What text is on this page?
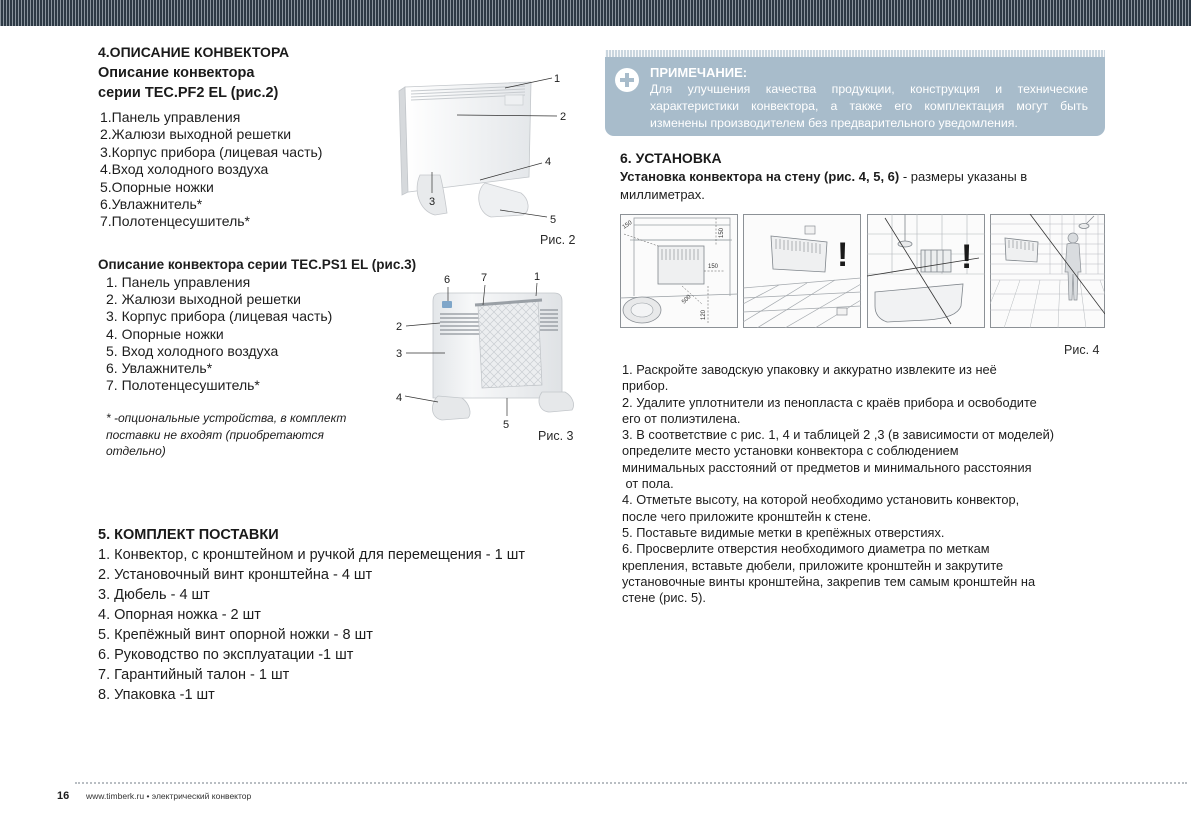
4.ОПИСАНИЕ КОНВЕКТОРА
Описание конвектора
серии TEC.PF2 EL (рис.2)
1.Панель управления
2.Жалюзи выходной решетки
3.Корпус прибора (лицевая часть)
4.Вход холодного воздуха
5.Опорные ножки
6.Увлажнитель*
7.Полотенцесушитель*
1
2
3
4
5
Рис. 2
Описание конвектора серии TEC.PS1 EL (рис.3)
1. Панель управления
2. Жалюзи выходной решетки
3. Корпус прибора (лицевая часть)
4. Опорные ножки
5. Вход холодного воздуха
6. Увлажнитель*
7. Полотенцесушитель*
* -опциональные устройства, в комплект
поставки не входят (приобретаются
отдельно)
6	7	1
2
3
4
5
Рис. 3
5. КОМПЛЕКТ ПОСТАВКИ
1. Конвектор, с кронштейном и ручкой для перемещения - 1 шт
2. Установочный винт кронштейна - 4 шт
3. Дюбель - 4 шт
4. Опорная ножка - 2 шт
5. Крепёжный винт опорной ножки - 8 шт
6. Руководство по эксплуатации -1 шт
7. Гарантийный талон - 1 шт
8. Упаковка -1 шт
ПРИМЕЧАНИЕ:
Для улучшения качества продукции, конструкция и технические
характеристики конвектора, а также его комплектация могут быть
изменены производителем без предварительного уведомления.
6. УСТАНОВКА
Установка конвектора на стену (рис. 4, 5, 6) - размеры указаны в
миллиметрах.
150
150
150
500
120
!	!
Рис. 4
1. Раскройте заводскую упаковку и аккуратно извлеките из неё
прибор.
2. Удалите уплотнители из пенопласта с краёв прибора и освободите
его от полиэтилена.
3. В соответствие с рис. 1, 4 и таблицей 2 ,3 (в зависимости от моделей)
определите место установки конвектора с соблюдением
минимальных расстояний от предметов и минимального расстояния
от пола.
4. Отметьте высоту, на которой необходимо установить конвектор,
после чего приложите кронштейн к стене.
5. Поставьте видимые метки в крепёжных отверстиях.
6. Просверлите отверстия необходимого диаметра по меткам
крепления, вставьте дюбели, приложите кронштейн и закрутите
установочные винты кронштейна, закрепив тем самым кронштейн на
стене (рис. 5).
16 www.timberk.ru • электрический конвектор
